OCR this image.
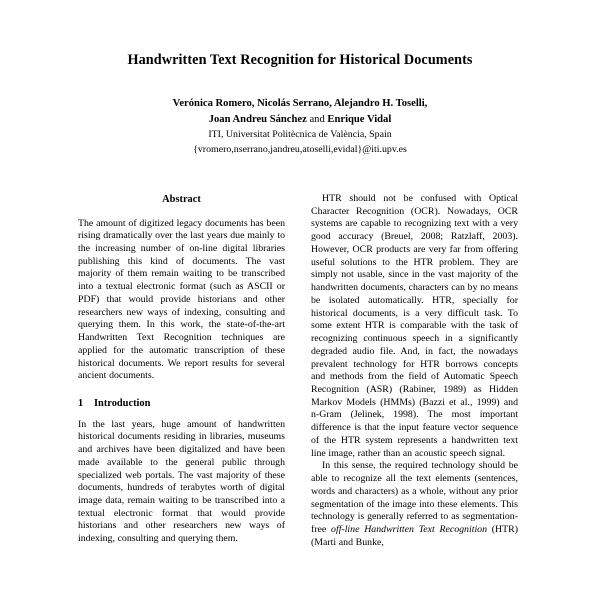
Handwritten Text Recognition for Historical Documents
Verónica Romero, Nicolás Serrano, Alejandro H. Toselli,
Joan Andreu Sánchez and Enrique Vidal
ITI, Universitat Politècnica de València, Spain
{vromero,nserrano,jandreu,atoselli,evidal}@iti.upv.es
Abstract

The amount of digitized legacy documents has been rising dramatically over the last years due mainly to the increasing number of on-line digital libraries publishing this kind of documents. The vast majority of them remain waiting to be transcribed into a textual electronic format (such as ASCII or PDF) that would provide historians and other researchers new ways of indexing, consulting and querying them. In this work, the state-of-the-art Handwritten Text Recognition techniques are applied for the automatic transcription of these historical documents. We report results for several ancient documents.

1 Introduction

In the last years, huge amount of handwritten historical documents residing in libraries, museums and archives have been digitalized and have been made available to the general public through specialized web portals. The vast majority of these documents, hundreds of terabytes worth of digital image data, remain waiting to be transcribed into a textual electronic format that would provide historians and other researchers new ways of indexing, consulting and querying them.

HTR should not be confused with Optical Character Recognition (OCR). Nowadays, OCR systems are capable to recognizing text with a very good accuracy (Breuel, 2008; Ratzlaff, 2003). However, OCR products are very far from offering useful solutions to the HTR problem. They are simply not usable, since in the vast majority of the handwritten documents, characters can by no means be isolated automatically. HTR, specially for historical documents, is a very difficult task. To some extent HTR is comparable with the task of recognizing continuous speech in a significantly degraded audio file. And, in fact, the nowadays prevalent technology for HTR borrows concepts and methods from the field of Automatic Speech Recognition (ASR) (Rabiner, 1989) as Hidden Markov Models (HMMs) (Bazzi et al., 1999) and n-Gram (Jelinek, 1998). The most important difference is that the input feature vector sequence of the HTR system represents a handwritten text line image, rather than an acoustic speech signal.

In this sense, the required technology should be able to recognize all the text elements (sentences, words and characters) as a whole, without any prior segmentation of the image into these elements. This technology is generally referred to as segmentation-free off-line Handwritten Text Recognition (HTR) (Marti and Bunke,
